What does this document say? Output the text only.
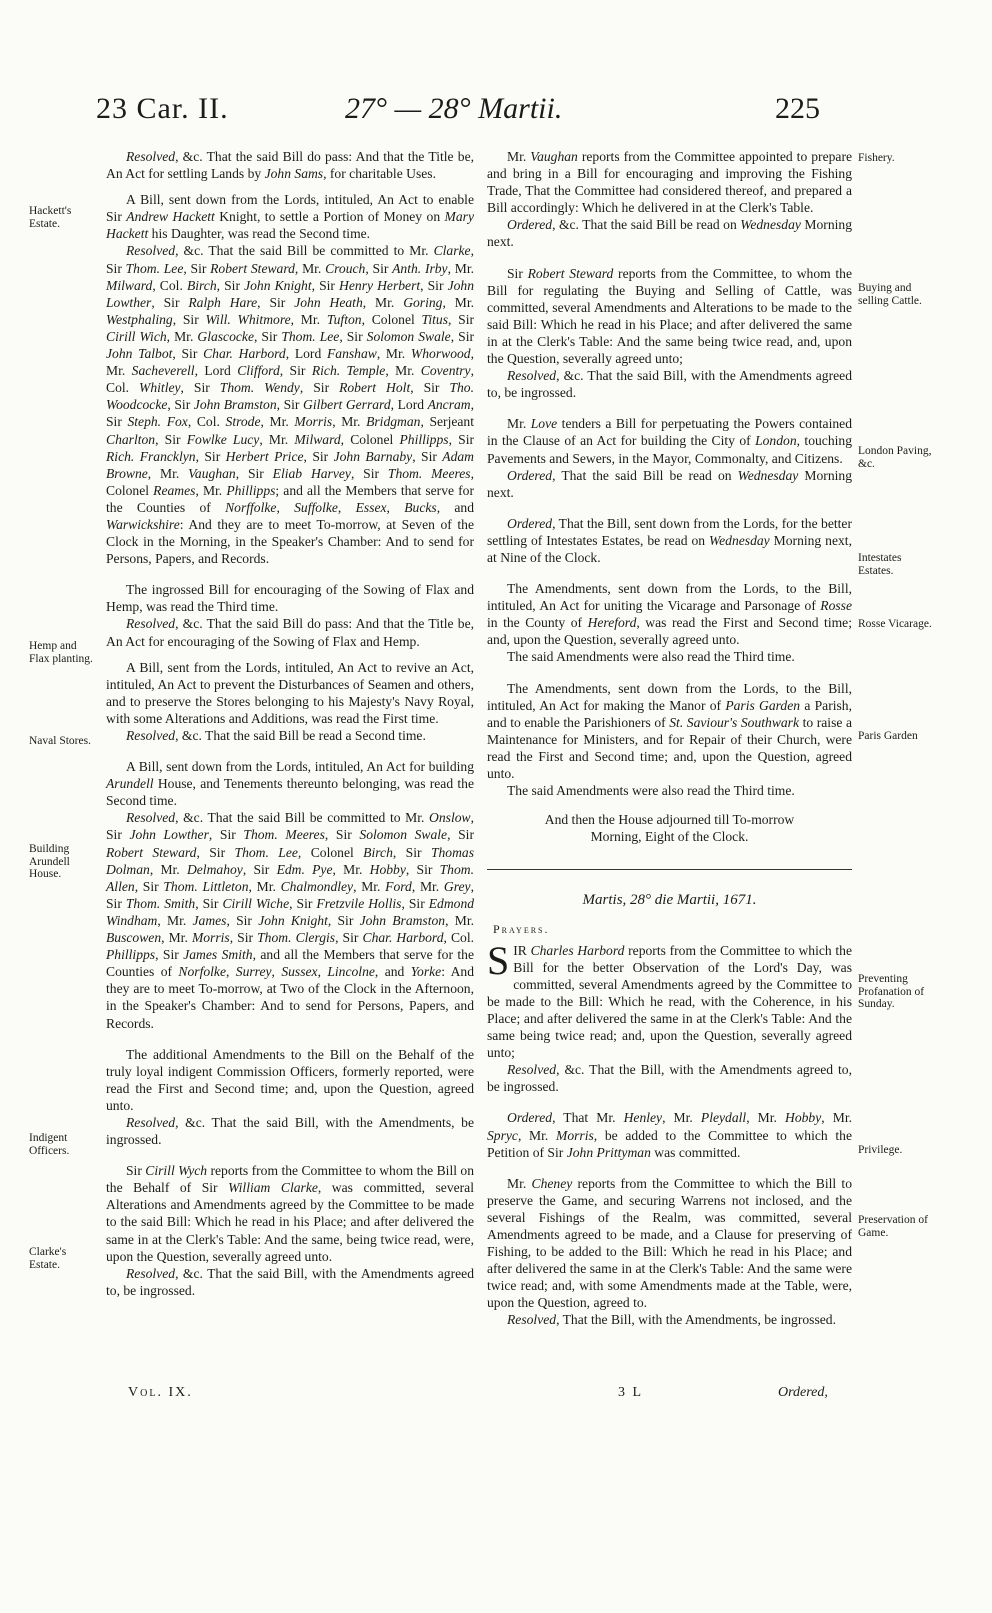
23 Car. II.	27° — 28° Martii.	225
Hackett's Estate.
Hemp and Flax planting.
Naval Stores.
Building Arundell House.
Indigent Officers.
Clarke's Estate.
Fishery.
Buying and selling Cattle.
London Paving, &c.
Intestates Estates.
Rosse Vicarage.
Paris Garden
Preventing Profanation of Sunday.
Privilege.
Preservation of Game.

Resolved, &c. That the said Bill do pass: And that the Title be, An Act for settling Lands by John Sams, for charitable Uses.

A Bill, sent down from the Lords, intituled, An Act to enable Sir Andrew Hackett Knight, to settle a Portion of Money on Mary Hackett his Daughter, was read the Second time.

Resolved, &c. That the said Bill be committed to Mr. Clarke, Sir Thom. Lee, Sir Robert Steward, Mr. Crouch, Sir Anth. Irby, Mr. Milward, Col. Birch, Sir John Knight, Sir Henry Herbert, Sir John Lowther, Sir Ralph Hare, Sir John Heath, Mr. Goring, Mr. Westphaling, Sir Will. Whitmore, Mr. Tufton, Colonel Titus, Sir Cirill Wich, Mr. Glascocke, Sir Thom. Lee, Sir Solomon Swale, Sir John Talbot, Sir Char. Harbord, Lord Fanshaw, Mr. Whorwood, Mr. Sacheverell, Lord Clifford, Sir Rich. Temple, Mr. Coventry, Col. Whitley, Sir Thom. Wendy, Sir Robert Holt, Sir Tho. Woodcocke, Sir John Bramston, Sir Gilbert Gerrard, Lord Ancram, Sir Steph. Fox, Col. Strode, Mr. Morris, Mr. Bridgman, Serjeant Charlton, Sir Fowlke Lucy, Mr. Milward, Colonel Phillipps, Sir Rich. Francklyn, Sir Herbert Price, Sir John Barnaby, Sir Adam Browne, Mr. Vaughan, Sir Eliab Harvey, Sir Thom. Meeres, Colonel Reames, Mr. Phillipps; and all the Members that serve for the Counties of Norffolke, Suffolke, Essex, Bucks, and Warwickshire: And they are to meet To-morrow, at Seven of the Clock in the Morning, in the Speaker's Chamber: And to send for Persons, Papers, and Records.

The ingrossed Bill for encouraging of the Sowing of Flax and Hemp, was read the Third time.

Resolved, &c. That the said Bill do pass: And that the Title be, An Act for encouraging of the Sowing of Flax and Hemp.

A Bill, sent from the Lords, intituled, An Act to revive an Act, intituled, An Act to prevent the Disturbances of Seamen and others, and to preserve the Stores belonging to his Majesty's Navy Royal, with some Alterations and Additions, was read the First time.

Resolved, &c. That the said Bill be read a Second time.

A Bill, sent down from the Lords, intituled, An Act for building Arundell House, and Tenements thereunto belonging, was read the Second time.

Resolved, &c. That the said Bill be committed to Mr. Onslow, Sir John Lowther, Sir Thom. Meeres, Sir Solomon Swale, Sir Robert Steward, Sir Thom. Lee, Colonel Birch, Sir Thomas Dolman, Mr. Delmahoy, Sir Edm. Pye, Mr. Hobby, Sir Thom. Allen, Sir Thom. Littleton, Mr. Chalmondley, Mr. Ford, Mr. Grey, Sir Thom. Smith, Sir Cirill Wiche, Sir Fretzvile Hollis, Sir Edmond Windham, Mr. James, Sir John Knight, Sir John Bramston, Mr. Buscowen, Mr. Morris, Sir Thom. Clergis, Sir Char. Harbord, Col. Phillipps, Sir James Smith, and all the Members that serve for the Counties of Norfolke, Surrey, Sussex, Lincolne, and Yorke: And they are to meet To-morrow, at Two of the Clock in the Afternoon, in the Speaker's Chamber: And to send for Persons, Papers, and Records.

The additional Amendments to the Bill on the Behalf of the truly loyal indigent Commission Officers, formerly reported, were read the First and Second time; and, upon the Question, agreed unto.

Resolved, &c. That the said Bill, with the Amendments, be ingrossed.

Sir Cirill Wych reports from the Committee to whom the Bill on the Behalf of Sir William Clarke, was committed, several Alterations and Amendments agreed by the Committee to be made to the said Bill: Which he read in his Place; and after delivered the same in at the Clerk's Table: And the same, being twice read, were, upon the Question, severally agreed unto.

Resolved, &c. That the said Bill, with the Amendments agreed to, be ingrossed.

Mr. Vaughan reports from the Committee appointed to prepare and bring in a Bill for encouraging and improving the Fishing Trade, That the Committee had considered thereof, and prepared a Bill accordingly: Which he delivered in at the Clerk's Table.

Ordered, &c. That the said Bill be read on Wednesday Morning next.

Sir Robert Steward reports from the Committee, to whom the Bill for regulating the Buying and Selling of Cattle, was committed, several Amendments and Alterations to be made to the said Bill: Which he read in his Place; and after delivered the same in at the Clerk's Table: And the same being twice read, and, upon the Question, severally agreed unto;

Resolved, &c. That the said Bill, with the Amendments agreed to, be ingrossed.

Mr. Love tenders a Bill for perpetuating the Powers contained in the Clause of an Act for building the City of London, touching Pavements and Sewers, in the Mayor, Commonalty, and Citizens.

Ordered, That the said Bill be read on Wednesday Morning next.

Ordered, That the Bill, sent down from the Lords, for the better settling of Intestates Estates, be read on Wednesday Morning next, at Nine of the Clock.

The Amendments, sent down from the Lords, to the Bill, intituled, An Act for uniting the Vicarage and Parsonage of Rosse in the County of Hereford, was read the First and Second time; and, upon the Question, severally agreed unto.

The said Amendments were also read the Third time.

The Amendments, sent down from the Lords, to the Bill, intituled, An Act for making the Manor of Paris Garden a Parish, and to enable the Parishioners of St. Saviour's Southwark to raise a Maintenance for Ministers, and for Repair of their Church, were read the First and Second time; and, upon the Question, agreed unto.

The said Amendments were also read the Third time.

And then the House adjourned till To-morrow
Morning, Eight of the Clock.

Martis, 28° die Martii, 1671.

Prayers.

SIR Charles Harbord reports from the Committee to which the Bill for the better Observation of the Lord's Day, was committed, several Amendments agreed by the Committee to be made to the Bill: Which he read, with the Coherence, in his Place; and after delivered the same in at the Clerk's Table: And the same being twice read; and, upon the Question, severally agreed unto;

Resolved, &c. That the Bill, with the Amendments agreed to, be ingrossed.

Ordered, That Mr. Henley, Mr. Pleydall, Mr. Hobby, Mr. Spryc, Mr. Morris, be added to the Committee to which the Petition of Sir John Prittyman was committed.

Mr. Cheney reports from the Committee to which the Bill to preserve the Game, and securing Warrens not inclosed, and the several Fishings of the Realm, was committed, several Amendments agreed to be made, and a Clause for preserving of Fishing, to be added to the Bill: Which he read in his Place; and after delivered the same in at the Clerk's Table: And the same were twice read; and, with some Amendments made at the Table, were, upon the Question, agreed to.

Resolved, That the Bill, with the Amendments, be ingrossed.

Vol. IX.	3 L	Ordered,
